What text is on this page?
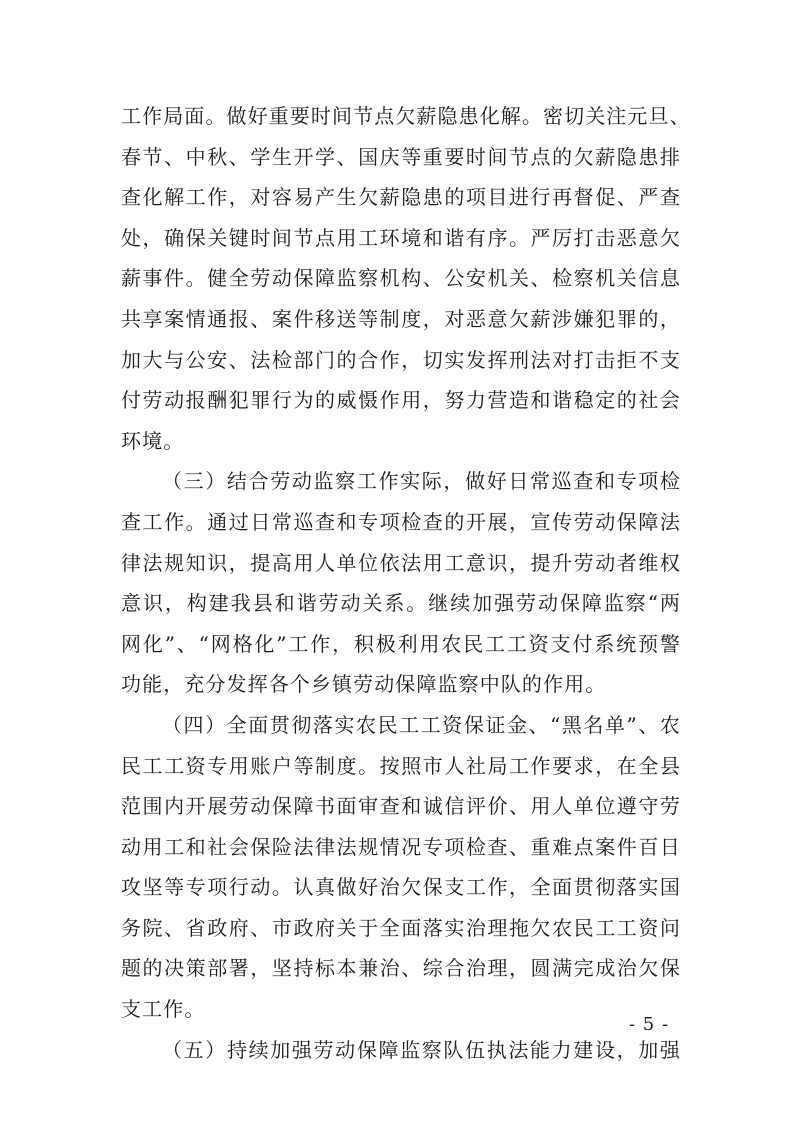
工作局面。做好重要时间节点欠薪隐患化解。密切关注元旦、
春节、中秋、学生开学、国庆等重要时间节点的欠薪隐患排
查化解工作，对容易产生欠薪隐患的项目进行再督促、严查
处，确保关键时间节点用工环境和谐有序。严厉打击恶意欠
薪事件。健全劳动保障监察机构、公安机关、检察机关信息
共享案情通报、案件移送等制度，对恶意欠薪涉嫌犯罪的，
加大与公安、法检部门的合作，切实发挥刑法对打击拒不支
付劳动报酬犯罪行为的威慑作用，努力营造和谐稳定的社会
环境。
（三）结合劳动监察工作实际，做好日常巡查和专项检
查工作。通过日常巡查和专项检查的开展，宣传劳动保障法
律法规知识，提高用人单位依法用工意识，提升劳动者维权
意识，构建我县和谐劳动关系。继续加强劳动保障监察“两
网化”、“网格化”工作，积极利用农民工工资支付系统预警
功能，充分发挥各个乡镇劳动保障监察中队的作用。
（四）全面贯彻落实农民工工资保证金、“黑名单”、农
民工工资专用账户等制度。按照市人社局工作要求，在全县
范围内开展劳动保障书面审查和诚信评价、用人单位遵守劳
动用工和社会保险法律法规情况专项检查、重难点案件百日
攻坚等专项行动。认真做好治欠保支工作，全面贯彻落实国
务院、省政府、市政府关于全面落实治理拖欠农民工工资问
题的决策部署，坚持标本兼治、综合治理，圆满完成治欠保
支工作。
（五）持续加强劳动保障监察队伍执法能力建设，加强
- 5 -
